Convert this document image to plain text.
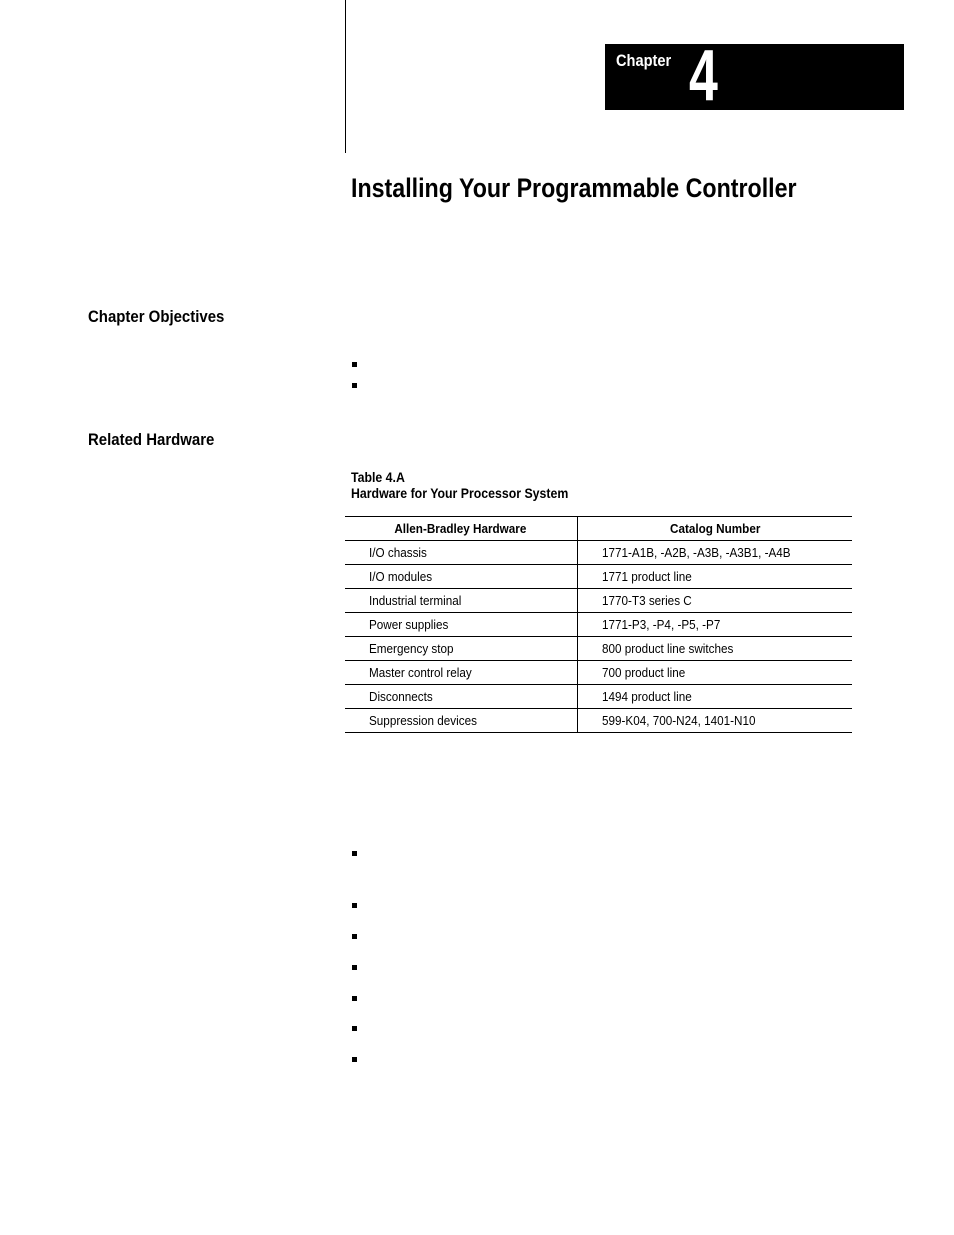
Chapter 4
Installing Your Programmable Controller
Chapter Objectives
Related Hardware
Table 4.A
Hardware for Your Processor System
Allen-Bradley Hardware	Catalog Number
I/O chassis	1771-A1B, -A2B, -A3B, -A3B1, -A4B
I/O modules	1771 product line
Industrial terminal	1770-T3 series C
Power supplies	1771-P3, -P4, -P5, -P7
Emergency stop	800 product line switches
Master control relay	700 product line
Disconnects	1494 product line
Suppression devices	599-K04, 700-N24, 1401-N10
